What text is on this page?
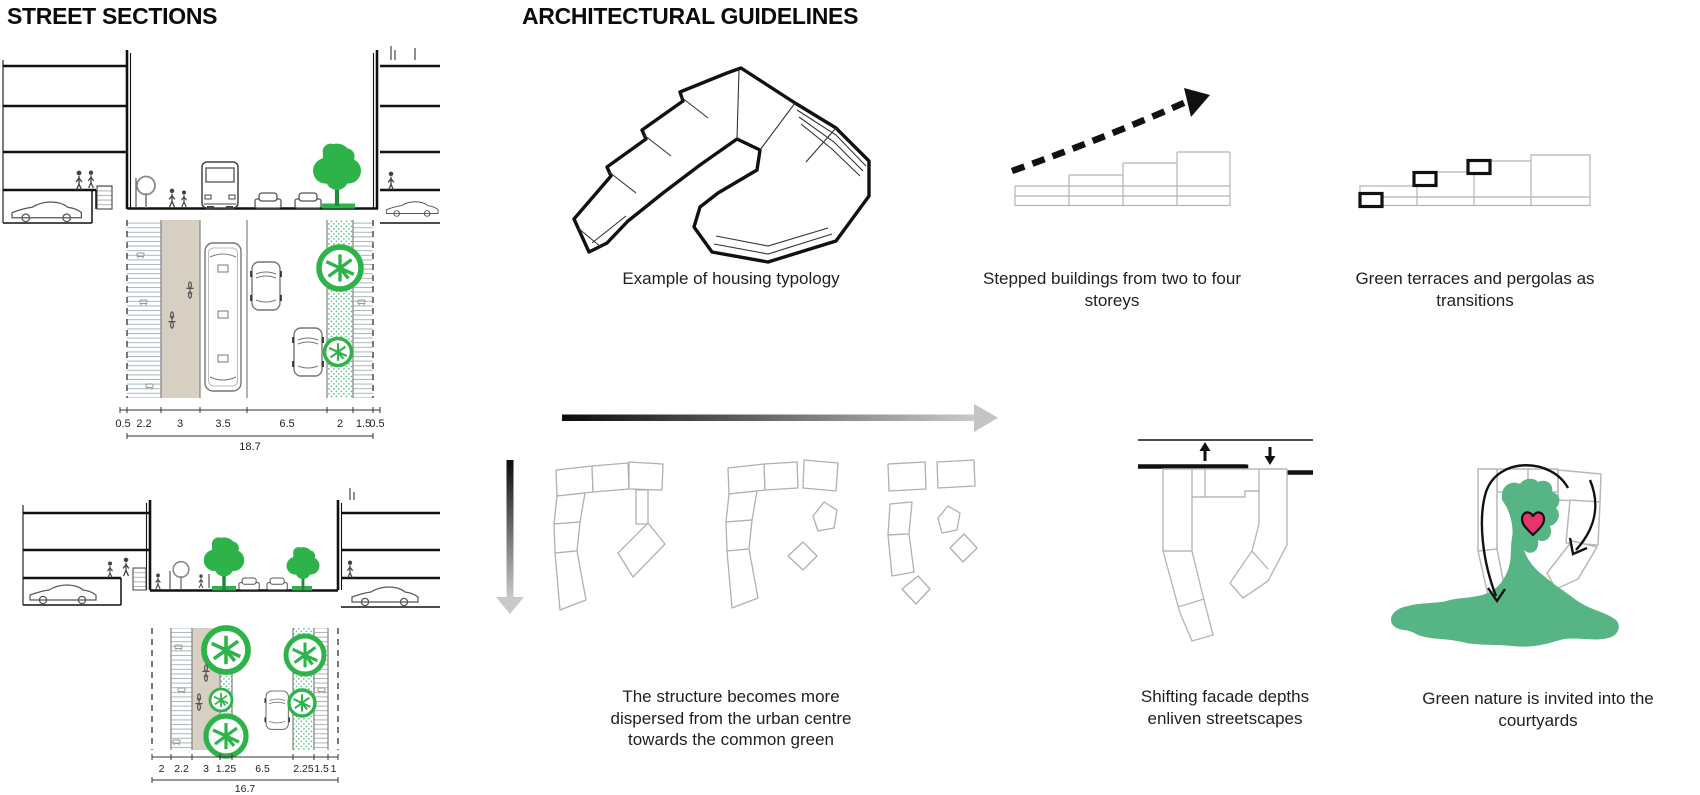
STREET SECTIONS	ARCHITECTURAL GUIDELINES
0.5 2.2 3	3.5	6.5	2 1.5
0.5
18.7
2 2.2 3 1.25 6.5 2.25 1.5 1
16.7
Example of housing typology	Stepped buildings from two to four storeys
Green terraces and pergolas as transitions
The structure becomes more dispersed from the urban centre towards the common green
Shifting facade depths enliven streetscapes
Green nature is invited into the courtyards
